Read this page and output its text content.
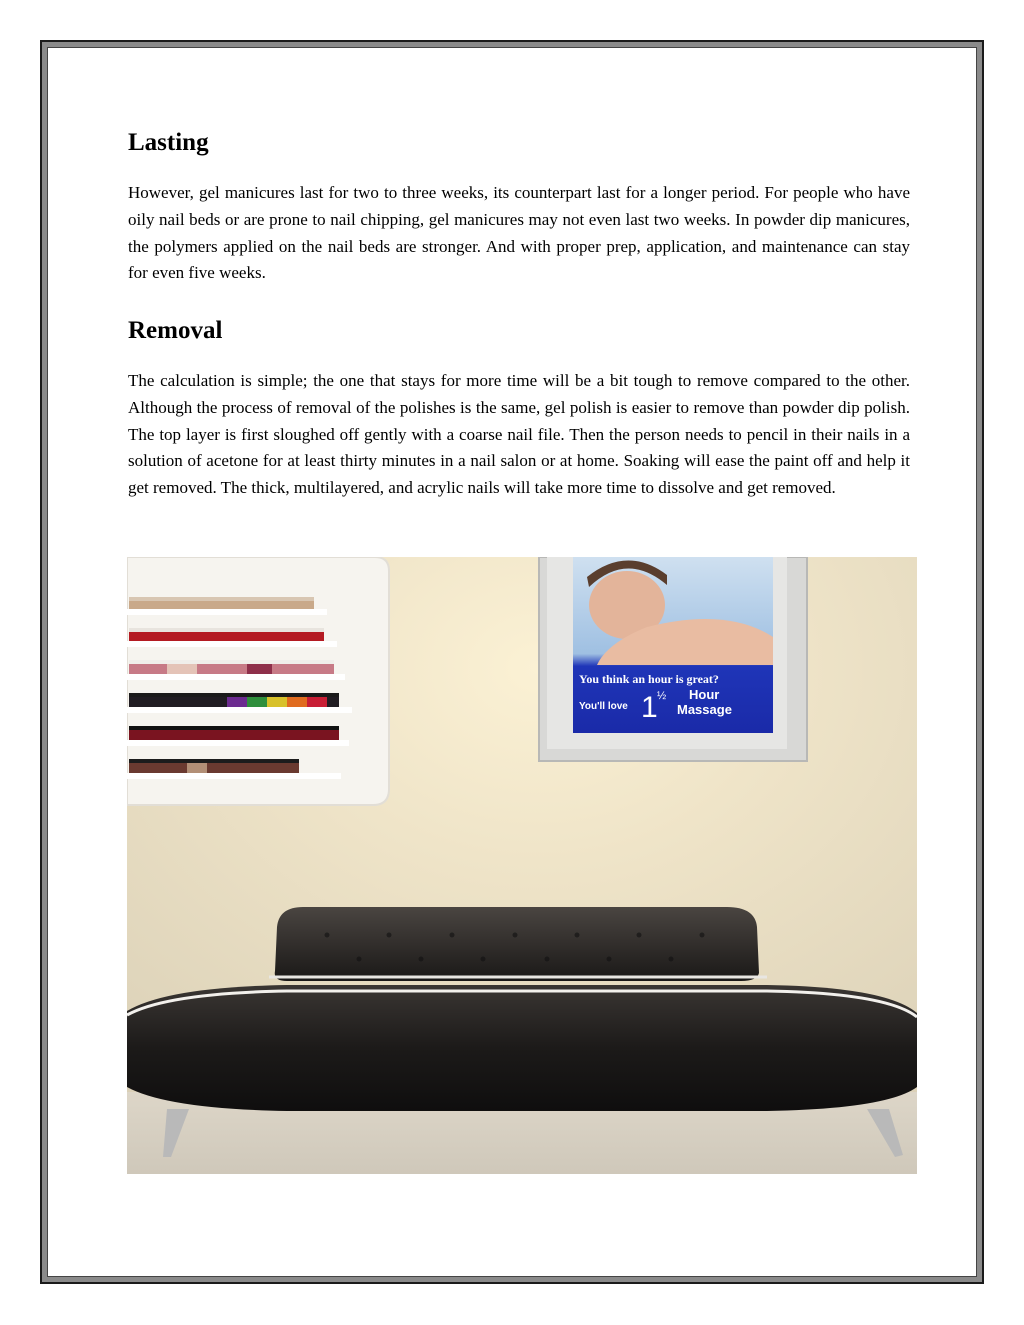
Lasting

However, gel manicures last for two to three weeks, its counterpart last for a longer period. For people who have oily nail beds or are prone to nail chipping, gel manicures may not even last two weeks. In powder dip manicures, the polymers applied on the nail beds are stronger. And with proper prep, application, and maintenance can stay for even five weeks.

Removal

The calculation is simple; the one that stays for more time will be a bit tough to remove compared to the other. Although the process of removal of the polishes is the same, gel polish is easier to remove than powder dip polish. The top layer is first sloughed off gently with a coarse nail file. Then the person needs to pencil in their nails in a solution of acetone for at least thirty minutes in a nail salon or at home. Soaking will ease the paint off and help it get removed. The thick, multilayered, and acrylic nails will take more time to dissolve and get removed.

You think an hour is great?
You'll love 1 ½ Hour
Massage
